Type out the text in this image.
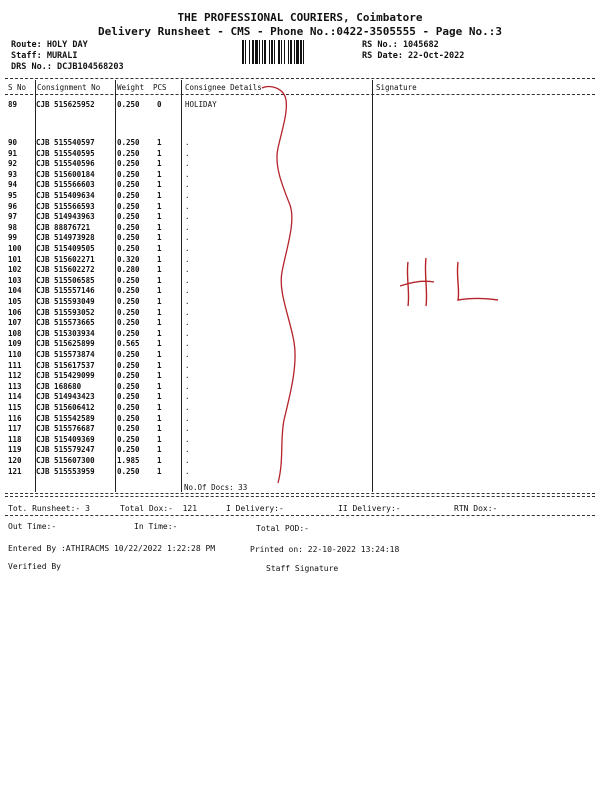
THE PROFESSIONAL COURIERS, Coimbatore
Delivery Runsheet - CMS - Phone No.:0422-3505555 - Page No.:3
Route: HOLY DAY
Staff: MURALI
DRS No.: DCJB104568203
RS No.: 1045682
RS Date: 22-Oct-2022
S No Consignment No Weight PCS Consignee Details	Signature
89	CJB 515625952	0.250 0	HOLIDAY
90	CJB 515540597	0.250 1	.
91	CJB 515540595	0.250 1	.
92	CJB 515540596	0.250 1	.
93	CJB 515600184	0.250 1	.
94	CJB 515566603	0.250 1	.
95	CJB 515409634	0.250 1	.
96	CJB 515566593	0.250 1	.
97	CJB 514943963	0.250 1	.
98	CJB 88876721	0.250 1	.
99	CJB 514973928	0.250 1	.
100 CJB 515409505	0.250 1	.
101 CJB 515602271	0.320 1	.
102 CJB 515602272	0.280 1	.
103 CJB 515506585	0.250 1	.
104 CJB 515557146	0.250 1	.
105 CJB 515593049	0.250 1	.
106 CJB 515593052	0.250 1	.
107 CJB 515573665	0.250 1	.
108 CJB 515303934	0.250 1	.
109 CJB 515625899	0.565 1	.
110 CJB 515573874	0.250 1	.
111 CJB 515617537	0.250 1	.
112 CJB 515429099	0.250 1	.
113 CJB 168680	0.250 1	.
114 CJB 514943423	0.250 1	.
115 CJB 515606412	0.250 1	.
116 CJB 515542589	0.250 1	.
117 CJB 515576687	0.250 1	.
118 CJB 515409369	0.250 1	.
119 CJB 515579247	0.250 1	.
120 CJB 515607300	1.985 1	.
121 CJB 515553959	0.250 1	.
No.Of Docs: 33
Tot. Runsheet:- 3	Total Dox:-  121	I Delivery:-	II Delivery:-	RTN Dox:-
Out Time:-	In Time:-	Total POD:-
Entered By :ATHIRACMS 10/22/2022 1:22:28 PM	Printed on: 22-10-2022 13:24:18
Verified By	Staff Signature
